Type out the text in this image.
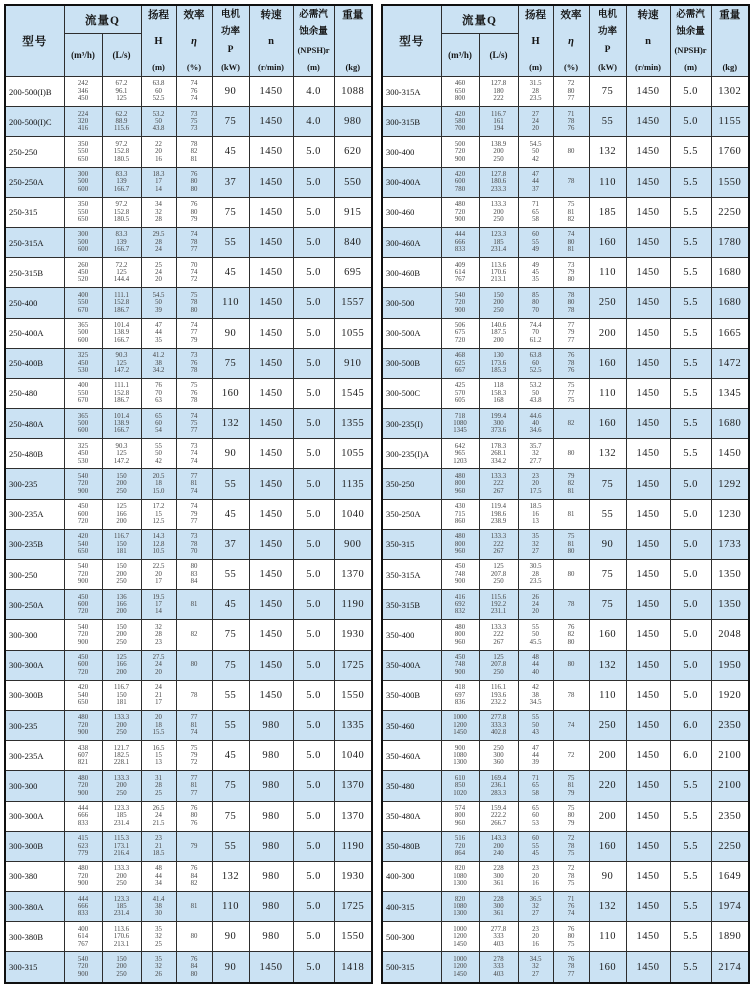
型号	流量Q		扬程
H
(m)	效率
η
(%)	电机
功率
P
(kW)	转速
n
(r/min)	必需汽
蚀余量
(NPSH)r
(m)	重量
(kg)

	(m³/h)	(L/s)						
200-500(I)B	242
346
450	67.2
96.1
125	63.8
60
52.5	74
76
74	90	1450	4.0	1088
200-500(I)C	224
320
416	62.2
88.9
115.6	53.2
50
43.8	73
75
73	75	1450	4.0	980
250-250	350
550
650	97.2
152.8
180.5	22
20
16	78
82
81	45	1450	5.0	620
250-250A	300
500
600	83.3
139
166.7	18.3
17
14	76
80
80	37	1450	5.0	550
250-315	350
550
650	97.2
152.8
180.5	34
32
28	76
80
79	75	1450	5.0	915
250-315A	300
500
600	83.3
139
166.7	29.5
28
24	74
78
77	55	1450	5.0	840
250-315B	260
450
520	72.2
125
144.4	25
24
20	70
74
72	45	1450	5.0	695
250-400	400
550
670	111.1
152.8
186.7	54.5
50
39	75
78
80	110	1450	5.0	1557
250-400A	365
500
600	101.4
138.9
166.7	47
44
35	74
77
79	90	1450	5.0	1055
250-400B	325
450
530	90.3
125
147.2	41.2
38
34.2	73
76
78	75	1450	5.0	910
250-480	400
550
670	111.1
152.8
186.7	76
70
63	75
76
78	160	1450	5.0	1545
250-480A	365
500
600	101.4
138.9
166.7	65
60
54	74
75
77	132	1450	5.0	1355
250-480B	325
450
530	90.3
125
147.2	55
50
42	73
74
74	90	1450	5.0	1055
300-235	540
720
900	150
200
250	20.5
18
15.0	77
81
74	55	1450	5.0	1135
300-235A	450
600
720	125
166
200	17.2
15
12.5	74
79
77	45	1450	5.0	1040
300-235B	420
540
650	116.7
150
181	14.3
12.8
10.5	73
78
70	37	1450	5.0	900
300-250	540
720
900	150
200
250	22.5
20
17	80
83
84	55	1450	5.0	1370
300-250A	450
600
720	136
166
200	19.5
17
14	81	45	1450	5.0	1190
300-300	540
720
900	150
200
250	32
28
23	82	75	1450	5.0	1930
300-300A	450
600
720	125
166
200	27.5
24
20	80	75	1450	5.0	1725
300-300B	420
540
650	116.7
150
181	24
21
17	78	55	1450	5.0	1550
300-235	480
720
900	133.3
200
250	20
18
15.5	77
81
74	55	980	5.0	1335
300-235A	438
607
821	121.7
182.5
228.1	16.5
15
13	75
79
72	45	980	5.0	1040
300-300	480
720
900	133.3
200
250	31
28
25	77
81
77	75	980	5.0	1370
300-300A	444
666
833	123.3
185
231.4	26.5
24
21.5	76
80
76	75	980	5.0	1370
300-300B	415
623
779	115.3
173.1
216.4	23
21
18.5	79	55	980	5.0	1190
300-380	480
720
900	133.3
200
250	48
44
34	76
84
82	132	980	5.0	1930
300-380A	444
666
833	123.3
185
231.4	41.4
38
30	81	110	980	5.0	1725
300-380B	400
614
767	113.6
170.6
213.1	35
32
25	80	90	980	5.0	1550
300-315	540
720
900	150
200
250	35
32
26	76
84
80	90	1450	5.0	1418
型号	流量Q		扬程
H
(m)	效率
η
(%)	电机
功率
P
(kW)	转速
n
(r/min)	必需汽
蚀余量
(NPSH)r
(m)	重量
(kg)

	(m³/h)	(L/s)						
300-315A	460
650
800	127.8
180
222	31.5
28
23.5	72
80
77	75	1450	5.0	1302
300-315B	420
580
700	116.7
161
194	27
24
20	71
78
76	55	1450	5.0	1155
300-400	500
720
900	138.9
200
250	54.5
50
42	80	132	1450	5.5	1760
300-400A	420
600
780	127.8
180.6
233.3	47
44
37	78	110	1450	5.5	1550
300-460	480
720
900	133.3
200
250	71
65
58	75
81
82	185	1450	5.5	2250
300-460A	444
666
833	123.3
185
231.4	60
55
49	74
80
81	160	1450	5.5	1780
300-460B	409
614
767	113.6
170.6
213.1	49
45
35	73
79
80	110	1450	5.5	1680
300-500	540
720
900	150
200
250	85
80
70	78
80
78	250	1450	5.5	1680
300-500A	506
675
720	140.6
187.5
200	74.4
70
61.2	77
79
77	200	1450	5.5	1665
300-500B	468
625
667	130
173.6
185.3	63.8
60
52.5	76
78
76	160	1450	5.5	1472
300-500C	425
570
605	118
158.3
168	53.2
50
43.8	75
77
75	110	1450	5.5	1345
300-235(I)	718
1080
1345	199.4
300
373.6	44.6
40
34.6	82	160	1450	5.5	1680
300-235(I)A	642
965
1203	178.3
268.1
334.2	35.7
32
27.7	80	132	1450	5.5	1450
350-250	480
800
960	133.3
222
267	23
20
17.5	79
82
81	75	1450	5.0	1292
350-250A	430
715
860	119.4
198.6
238.9	18.5
16
13	81	55	1450	5.0	1230
350-315	480
800
960	133.3
222
267	35
32
27	75
81
80	90	1450	5.0	1733
350-315A	450
748
900	125
207.8
250	30.5
28
23.5	80	75	1450	5.0	1350
350-315B	416
692
832	115.6
192.2
231.1	26
24
20	78	75	1450	5.0	1350
350-400	480
800
960	133.3
222
267	55
50
45.5	76
82
80	160	1450	5.0	2048
350-400A	450
748
900	125
207.8
250	48
44
40	80	132	1450	5.0	1950
350-400B	418
697
836	116.1
193.6
232.2	42
38
34.5	78	110	1450	5.0	1920
350-460	1000
1200
1450	277.8
333.3
402.8	55
50
43	74	250	1450	6.0	2350
350-460A	900
1080
1300	250
300
360	47
44
39	72	200	1450	6.0	2100
350-480	610
850
1020	169.4
236.1
283.3	71
65
58	75
81
79	220	1450	5.5	2100
350-480A	574
800
960	159.4
222.2
266.7	65
60
53	75
80
79	200	1450	5.5	2350
350-480B	516
720
864	143.3
200
240	60
55
45	72
78
75	160	1450	5.5	2250
400-300	820
1080
1300	228
300
361	23
20
16	72
78
75	90	1450	5.5	1649
400-315	820
1080
1300	228
300
361	36.5
32
27	71
76
74	132	1450	5.5	1974
500-300	1000
1200
1450	277.8
333
403	23
20
16	76
80
75	110	1450	5.5	1890
500-315	1000
1200
1450	278
333
403	34.5
32
27	76
78
77	160	1450	5.5	2174
